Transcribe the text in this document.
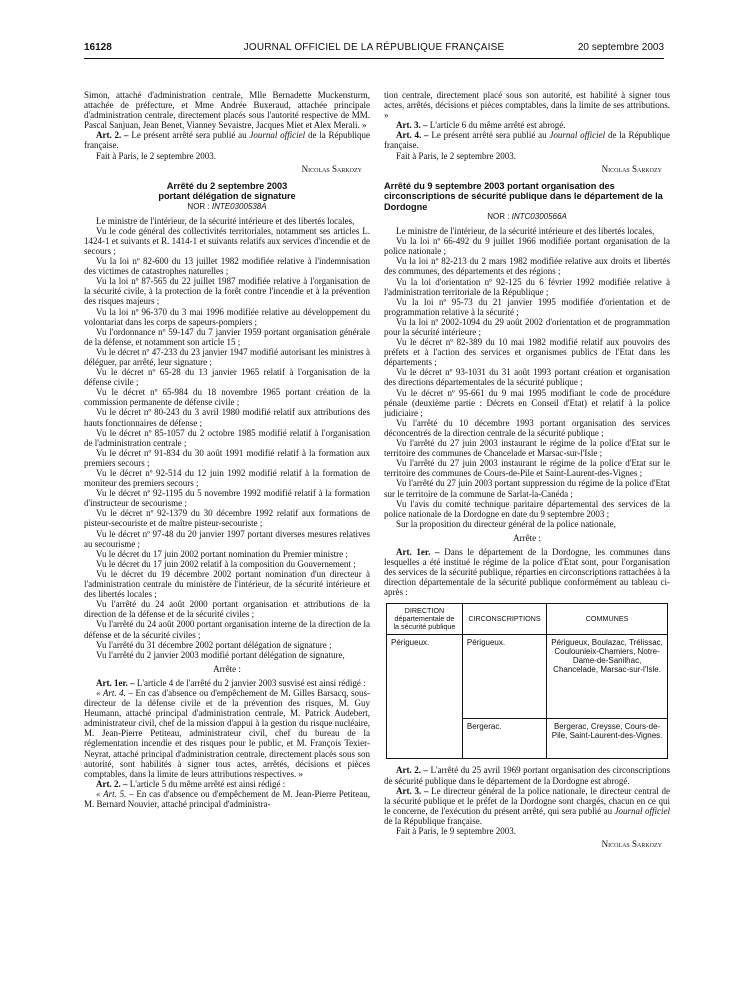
16128	JOURNAL OFFICIEL DE LA RÉPUBLIQUE FRANÇAISE	20 septembre 2003

Simon, attaché d'administration centrale, Mlle Bernadette Muckensturm, attachée de préfecture, et Mme Andrée Buxeraud, attachée principale d'administration centrale, directement placés sous l'autorité respective de MM. Pascal Sanjuan, Jean Benet, Vianney Sevaistre, Jacques Miet et Alex Merali. »

Art. 2. – Le présent arrêté sera publié au Journal officiel de la République française.

Fait à Paris, le 2 septembre 2003.

Nicolas Sarkozy

Arrêté du 2 septembre 2003

portant délégation de signature

NOR : INTE0300538A

Le ministre de l'intérieur, de la sécurité intérieure et des libertés locales,

Vu le code général des collectivités territoriales, notamment ses articles L. 1424-1 et suivants et R. 1414-1 et suivants relatifs aux services d'incendie et de secours ;

Vu la loi nº 82-600 du 13 juillet 1982 modifiée relative à l'indemnisation des victimes de catastrophes naturelles ;

Vu la loi nº 87-565 du 22 juillet 1987 modifiée relative à l'organisation de la sécurité civile, à la protection de la forêt contre l'incendie et à la prévention des risques majeurs ;

Vu la loi nº 96-370 du 3 mai 1996 modifiée relative au développement du volontariat dans les corps de sapeurs-pompiers ;

Vu l'ordonnance nº 59-147 du 7 janvier 1959 portant organisation générale de la défense, et notamment son article 15 ;

Vu le décret nº 47-233 du 23 janvier 1947 modifié autorisant les ministres à déléguer, par arrêté, leur signature ;

Vu le décret nº 65-28 du 13 janvier 1965 relatif à l'organisation de la défense civile ;

Vu le décret nº 65-984 du 18 novembre 1965 portant création de la commission permanente de défense civile ;

Vu le décret nº 80-243 du 3 avril 1980 modifié relatif aux attributions des hauts fonctionnaires de défense ;

Vu le décret nº 85-1057 du 2 octobre 1985 modifié relatif à l'organisation de l'administration centrale ;

Vu le décret nº 91-834 du 30 août 1991 modifié relatif à la formation aux premiers secours ;

Vu le décret nº 92-514 du 12 juin 1992 modifié relatif à la formation de moniteur des premiers secours ;

Vu le décret nº 92-1195 du 5 novembre 1992 modifié relatif à la formation d'instructeur de secourisme ;

Vu le décret nº 92-1379 du 30 décembre 1992 relatif aux formations de pisteur-secouriste et de maître pisteur-secouriste ;

Vu le décret nº 97-48 du 20 janvier 1997 portant diverses mesures relatives au secourisme ;

Vu le décret du 17 juin 2002 portant nomination du Premier ministre ;

Vu le décret du 17 juin 2002 relatif à la composition du Gouvernement ;

Vu le décret du 19 décembre 2002 portant nomination d'un directeur à l'administration centrale du ministère de l'intérieur, de la sécurité intérieure et des libertés locales ;

Vu l'arrêté du 24 août 2000 portant organisation et attributions de la direction de la défense et de la sécurité civiles ;

Vu l'arrêté du 24 août 2000 portant organisation interne de la direction de la défense et de la sécurité civiles ;

Vu l'arrêté du 31 décembre 2002 portant délégation de signature ;

Vu l'arrêté du 2 janvier 2003 modifié portant délégation de signature,

Arrête :

Art. 1er. – L'article 4 de l'arrêté du 2 janvier 2003 susvisé est ainsi rédigé :

« Art. 4. – En cas d'absence ou d'empêchement de M. Gilles Barsacq, sous-directeur de la défense civile et de la prévention des risques, M. Guy Heumann, attaché principal d'administration centrale, M. Patrick Audebert, administrateur civil, chef de la mission d'appui à la gestion du risque nucléaire, M. Jean-Pierre Petiteau, administrateur civil, chef du bureau de la réglementation incendie et des risques pour le public, et M. François Texier-Neyrat, attaché principal d'administration centrale, directement placés sous son autorité, sont habilités à signer tous actes, arrêtés, décisions et pièces comptables, dans la limite de leurs attributions respectives. »

Art. 2. – L'article 5 du même arrêté est ainsi rédigé :

« Art. 5. – En cas d'absence ou d'empêchement de M. Jean-Pierre Petiteau, M. Bernard Nouvier, attaché principal d'administra-

tion centrale, directement placé sous son autorité, est habilité à signer tous actes, arrêtés, décisions et pièces comptables, dans la limite de ses attributions. »

Art. 3. – L'article 6 du même arrêté est abrogé.

Art. 4. – Le présent arrêté sera publié au Journal officiel de la République française.

Fait à Paris, le 2 septembre 2003.

Nicolas Sarkozy

Arrêté du 9 septembre 2003 portant organisation des circonscriptions de sécurité publique dans le département de la Dordogne

NOR : INTC0300566A

Le ministre de l'intérieur, de la sécurité intérieure et des libertés locales,

Vu la loi nº 66-492 du 9 juillet 1966 modifiée portant organisation de la police nationale ;

Vu la loi nº 82-213 du 2 mars 1982 modifiée relative aux droits et libertés des communes, des départements et des régions ;

Vu la loi d'orientation nº 92-125 du 6 février 1992 modifiée relative à l'administration territoriale de la République ;

Vu la loi nº 95-73 du 21 janvier 1995 modifiée d'orientation et de programmation relative à la sécurité ;

Vu la loi nº 2002-1094 du 29 août 2002 d'orientation et de programmation pour la sécurité intérieure ;

Vu le décret nº 82-389 du 10 mai 1982 modifié relatif aux pouvoirs des préfets et à l'action des services et organismes publics de l'Etat dans les départements ;

Vu le décret nº 93-1031 du 31 août 1993 portant création et organisation des directions départementales de la sécurité publique ;

Vu le décret nº 95-661 du 9 mai 1995 modifiant le code de procédure pénale (deuxième partie : Décrets en Conseil d'Etat) et relatif à la police judiciaire ;

Vu l'arrêté du 10 décembre 1993 portant organisation des services déconcentrés de la direction centrale de la sécurité publique ;

Vu l'arrêté du 27 juin 2003 instaurant le régime de la police d'Etat sur le territoire des communes de Chancelade et Marsac-sur-l'Isle ;

Vu l'arrêté du 27 juin 2003 instaurant le régime de la police d'Etat sur le territoire des communes de Cours-de-Pile et Saint-Laurent-des-Vignes ;

Vu l'arrêté du 27 juin 2003 portant suppression du régime de la police d'Etat sur le territoire de la commune de Sarlat-la-Canéda ;

Vu l'avis du comité technique paritaire départemental des services de la police nationale de la Dordogne en date du 9 septembre 2003 ;

Sur la proposition du directeur général de la police nationale,

Arrête :

Art. 1er. – Dans le département de la Dordogne, les communes dans lesquelles a été institué le régime de la police d'Etat sont, pour l'organisation des services de la sécurité publique, réparties en circonscriptions rattachées à la direction départementale de la sécurité publique conformément au tableau ci-après :

DIRECTION départementale de la sécurité publique	CIRCONSCRIPTIONS	COMMUNES
Périgueux.	Périgueux.	Périgueux, Boulazac, Trélissac, Coulounieix-Chamiers, Notre-Dame-de-Sanilhac, Chancelade, Marsac-sur-l'Isle.
	Bergerac.	Bergerac, Creysse, Cours-de-Pile, Saint-Laurent-des-Vignes.

Art. 2. – L'arrêté du 25 avril 1969 portant organisation des circonscriptions de sécurité publique dans le département de la Dordogne est abrogé.

Art. 3. – Le directeur général de la police nationale, le directeur central de la sécurité publique et le préfet de la Dordogne sont chargés, chacun en ce qui le concerne, de l'exécution du présent arrêté, qui sera publié au Journal officiel de la République française.

Fait à Paris, le 9 septembre 2003.

Nicolas Sarkozy
